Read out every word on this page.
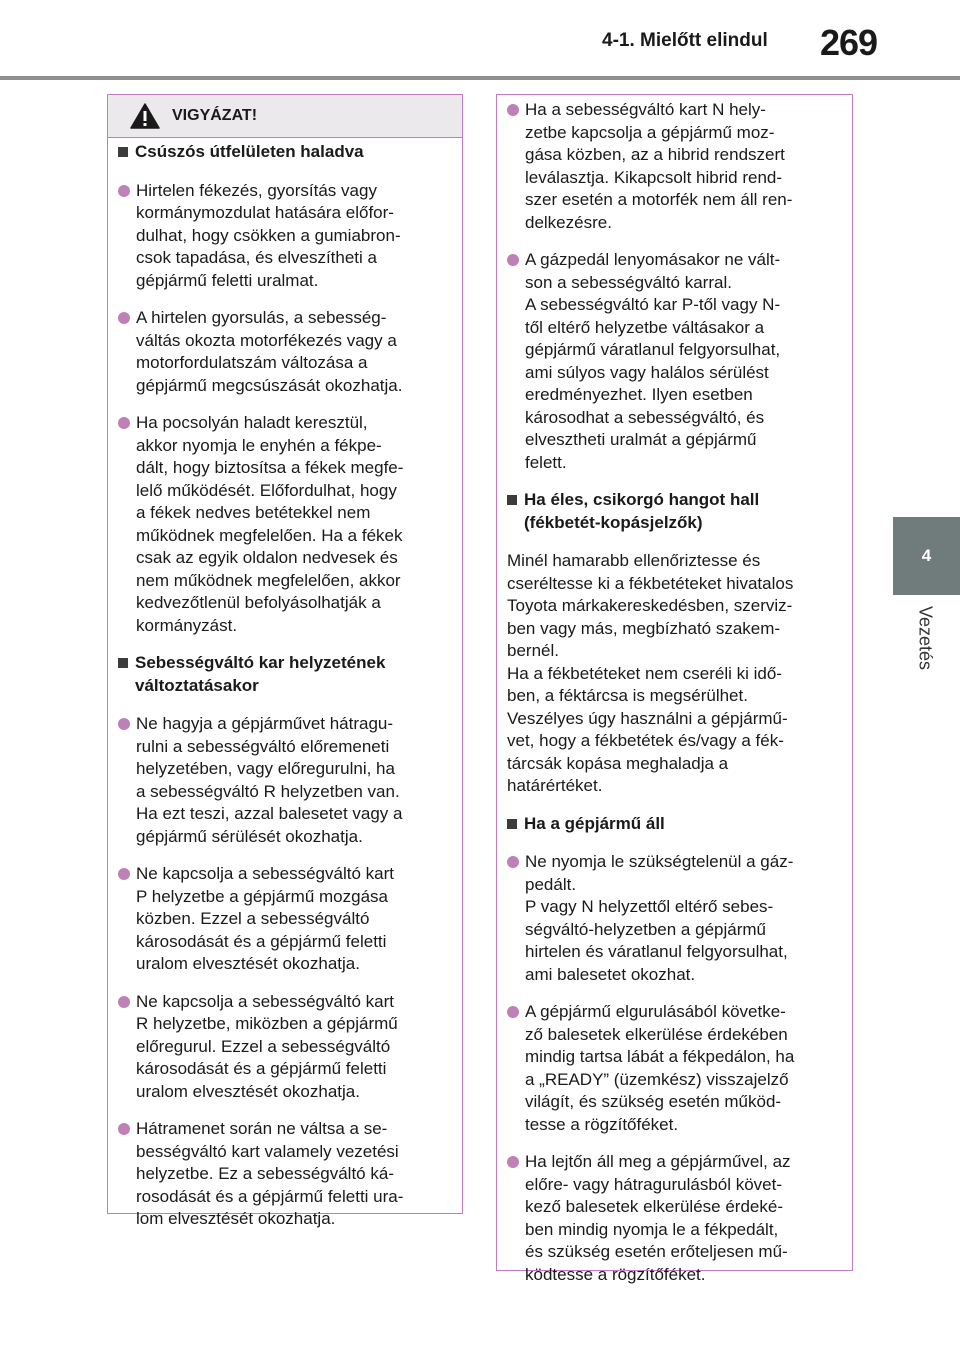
4-1. Mielőtt elindul 269
4
Vezetés
VIGYÁZAT!
Csúszós útfelületen haladva
Hirtelen fékezés, gyorsítás vagy
kormánymozdulat hatására előfor-
dulhat, hogy csökken a gumiabron-
csok tapadása, és elveszítheti a
gépjármű feletti uralmat.
A hirtelen gyorsulás, a sebesség-
váltás okozta motorfékezés vagy a
motorfordulatszám változása a
gépjármű megcsúszását okozhatja.
Ha pocsolyán haladt keresztül,
akkor nyomja le enyhén a fékpe-
dált, hogy biztosítsa a fékek megfe-
lelő működését. Előfordulhat, hogy
a fékek nedves betétekkel nem
működnek megfelelően. Ha a fékek
csak az egyik oldalon nedvesek és
nem működnek megfelelően, akkor
kedvezőtlenül befolyásolhatják a
kormányzást.
Sebességváltó kar helyzetének
változtatásakor
Ne hagyja a gépjárművet hátragu-
rulni a sebességváltó előremeneti
helyzetében, vagy előregurulni, ha
a sebességváltó R helyzetben van.
Ha ezt teszi, azzal balesetet vagy a
gépjármű sérülését okozhatja.
Ne kapcsolja a sebességváltó kart
P helyzetbe a gépjármű mozgása
közben. Ezzel a sebességváltó
károsodását és a gépjármű feletti
uralom elvesztését okozhatja.
Ne kapcsolja a sebességváltó kart
R helyzetbe, miközben a gépjármű
előregurul. Ezzel a sebességváltó
károsodását és a gépjármű feletti
uralom elvesztését okozhatja.
Hátramenet során ne váltsa a se-
bességváltó kart valamely vezetési
helyzetbe. Ez a sebességváltó ká-
rosodását és a gépjármű feletti ura-
lom elvesztését okozhatja.
Ha a sebességváltó kart N hely-
zetbe kapcsolja a gépjármű moz-
gása közben, az a hibrid rendszert
leválasztja. Kikapcsolt hibrid rend-
szer esetén a motorfék nem áll ren-
delkezésre.
A gázpedál lenyomásakor ne vált-
son a sebességváltó karral.
A sebességváltó kar P-től vagy N-
től eltérő helyzetbe váltásakor a
gépjármű váratlanul felgyorsulhat,
ami súlyos vagy halálos sérülést
eredményezhet. Ilyen esetben
károsodhat a sebességváltó, és
elvesztheti uralmát a gépjármű
felett.
Ha éles, csikorgó hangot hall
(fékbetét-kopásjelzők)
Minél hamarabb ellenőriztesse és
cseréltesse ki a fékbetéteket hivatalos
Toyota márkakereskedésben, szerviz-
ben vagy más, megbízható szakem-
bernél.
Ha a fékbetéteket nem cseréli ki idő-
ben, a féktárcsa is megsérülhet.
Veszélyes úgy használni a gépjármű-
vet, hogy a fékbetétek és/vagy a fék-
tárcsák kopása meghaladja a
határértéket.
Ha a gépjármű áll
Ne nyomja le szükségtelenül a gáz-
pedált.
P vagy N helyzettől eltérő sebes-
ségváltó-helyzetben a gépjármű
hirtelen és váratlanul felgyorsulhat,
ami balesetet okozhat.
A gépjármű elgurulásából követke-
ző balesetek elkerülése érdekében
mindig tartsa lábát a fékpedálon, ha
a „READY” (üzemkész) visszajelző
világít, és szükség esetén működ-
tesse a rögzítőféket.
Ha lejtőn áll meg a gépjárművel, az
előre- vagy hátragurulásból követ-
kező balesetek elkerülése érdeké-
ben mindig nyomja le a fékpedált,
és szükség esetén erőteljesen mű-
ködtesse a rögzítőféket.
